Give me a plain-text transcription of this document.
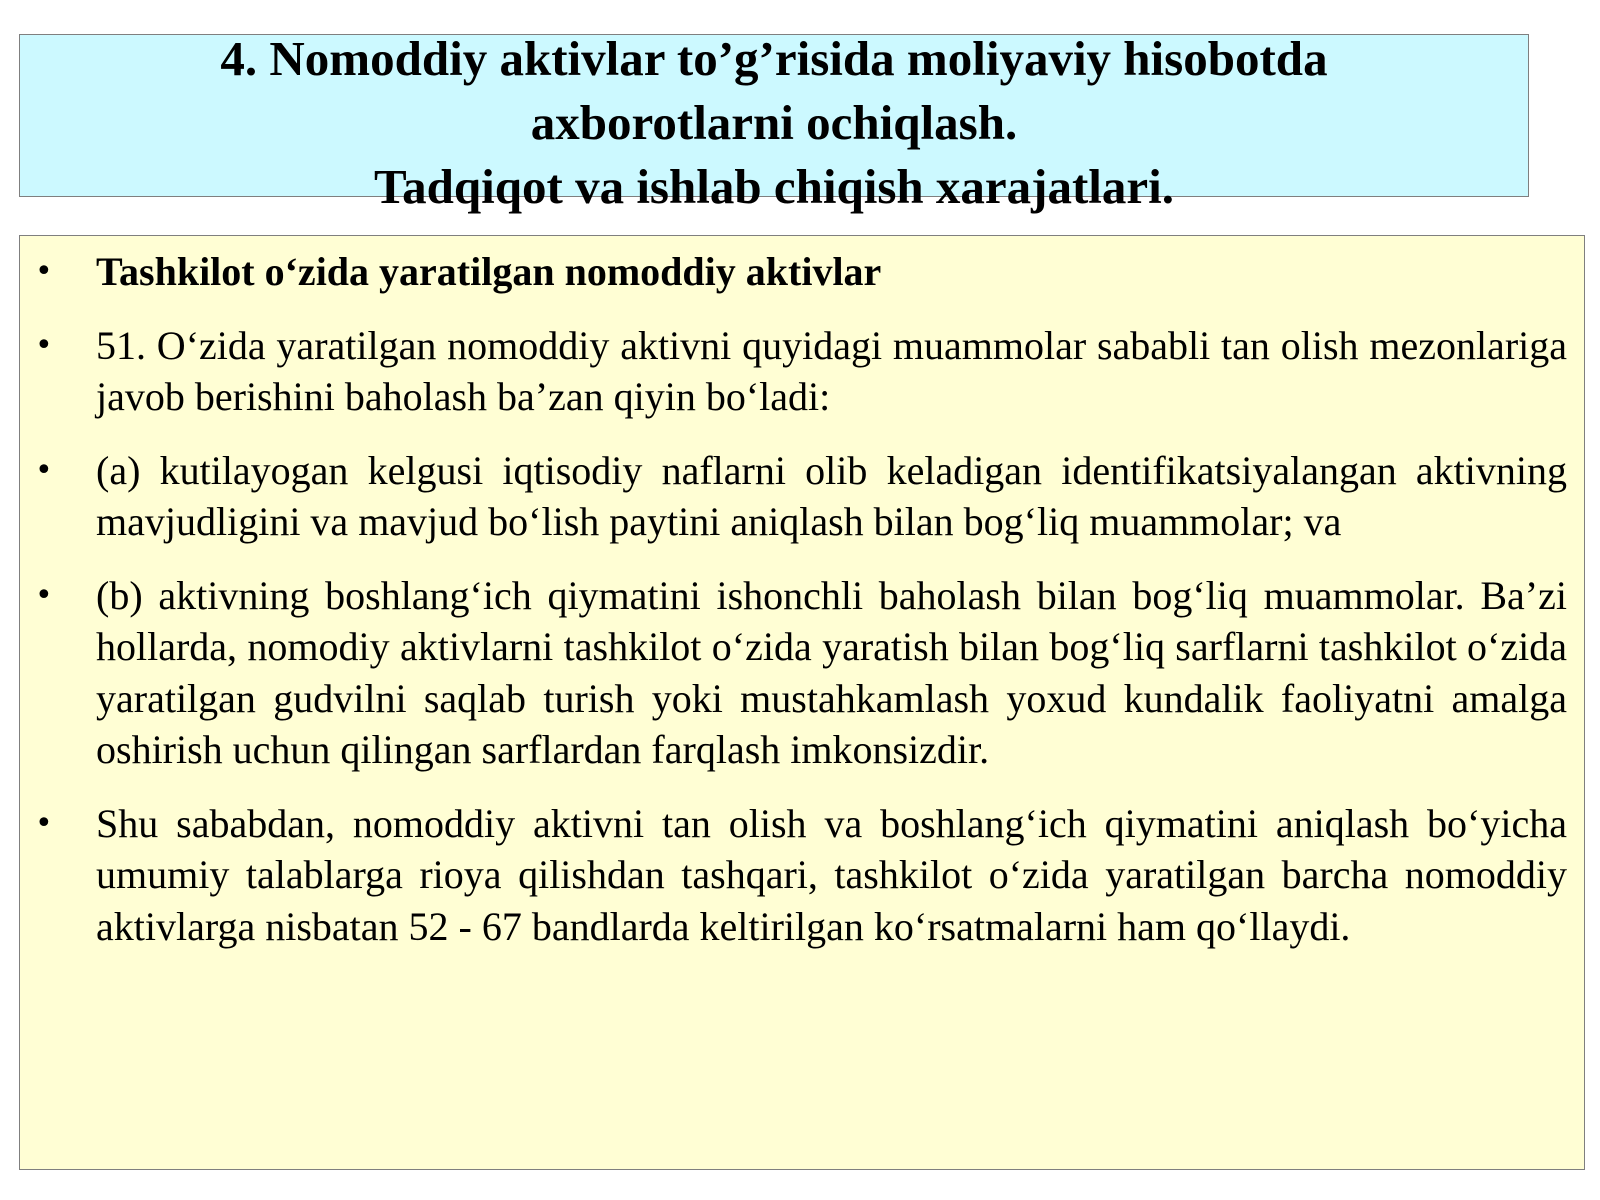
4. Nomoddiy aktivlar to’g’risida moliyaviy hisobotda
axborotlarni ochiqlash.
Tadqiqot va ishlab chiqish xarajatlari.
• Tashkilot o‘zida yaratilgan nomoddiy aktivlar
• 51. O‘zida yaratilgan nomoddiy aktivni quyidagi muammolar sababli tan olish mezonlariga javob berishini baholash ba’zan qiyin bo‘ladi:
• (a) kutilayogan kelgusi iqtisodiy naflarni olib keladigan identifikatsiyalangan aktivning mavjudligini va mavjud bo‘lish paytini aniqlash bilan bog‘liq muammolar; va
• (b) aktivning boshlang‘ich qiymatini ishonchli baholash bilan bog‘liq muammolar. Ba’zi hollarda, nomodiy aktivlarni tashkilot o‘zida yaratish bilan bog‘liq sarflarni tashkilot o‘zida yaratilgan gudvilni saqlab turish yoki mustahkamlash yoxud kundalik faoliyatni amalga oshirish uchun qilingan sarflardan farqlash imkonsizdir.
• Shu sababdan, nomoddiy aktivni tan olish va boshlang‘ich qiymatini aniqlash bo‘yicha umumiy talablarga rioya qilishdan tashqari, tashkilot o‘zida yaratilgan barcha nomoddiy aktivlarga nisbatan 52 - 67 bandlarda keltirilgan ko‘rsatmalarni ham qo‘llaydi.
